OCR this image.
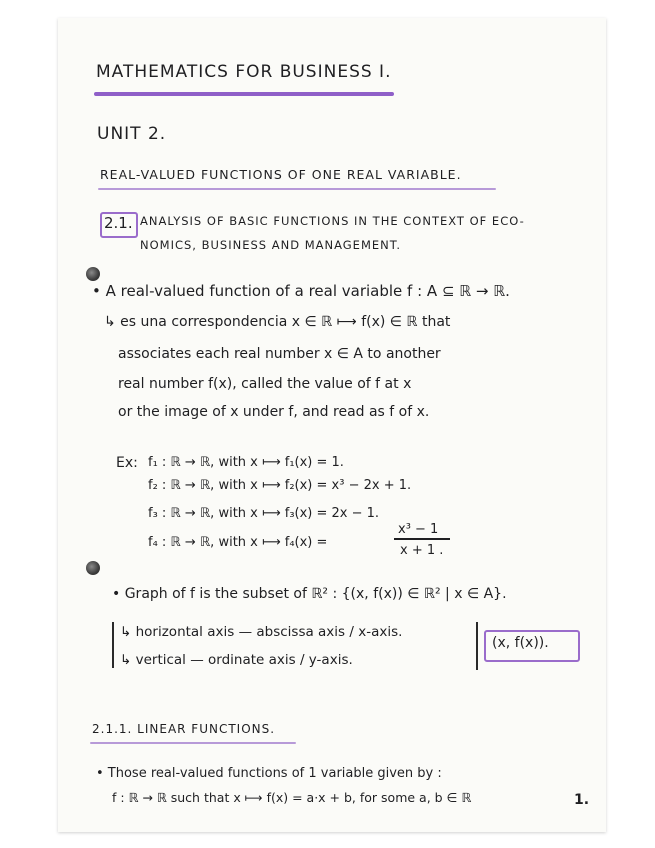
MATHEMATICS FOR BUSINESS I.
UNIT 2.
REAL-VALUED FUNCTIONS OF ONE REAL VARIABLE.
2.1. ANALYSIS OF BASIC FUNCTIONS IN THE CONTEXT OF ECO-
NOMICS, BUSINESS AND MANAGEMENT.
• A real-valued function of a real variable f : A ⊆ ℝ → ℝ.
↳ es una correspondencia x ∈ ℝ ⟼ f(x) ∈ ℝ that
associates each real number x ∈ A to another
real number f(x), called the value of f at x
or the image of x under f, and read as f of x.
Ex: f₁ : ℝ → ℝ, with x ⟼ f₁(x) = 1.
f₂ : ℝ → ℝ, with x ⟼ f₂(x) = x³ − 2x + 1.
f₃ : ℝ → ℝ, with x ⟼ f₃(x) = 2x − 1.
f₄ : ℝ → ℝ, with x ⟼ f₄(x) =
x³ − 1
x + 1 .
• Graph of f is the subset of ℝ² : {(x, f(x)) ∈ ℝ² | x ∈ A}.
↳ horizontal axis — abscissa axis / x-axis.
↳ vertical — ordinate axis / y-axis.
(x, f(x)).
2.1.1. LINEAR FUNCTIONS.
• Those real-valued functions of 1 variable given by :
f : ℝ → ℝ such that x ⟼ f(x) = a·x + b, for some a, b ∈ ℝ	1.
